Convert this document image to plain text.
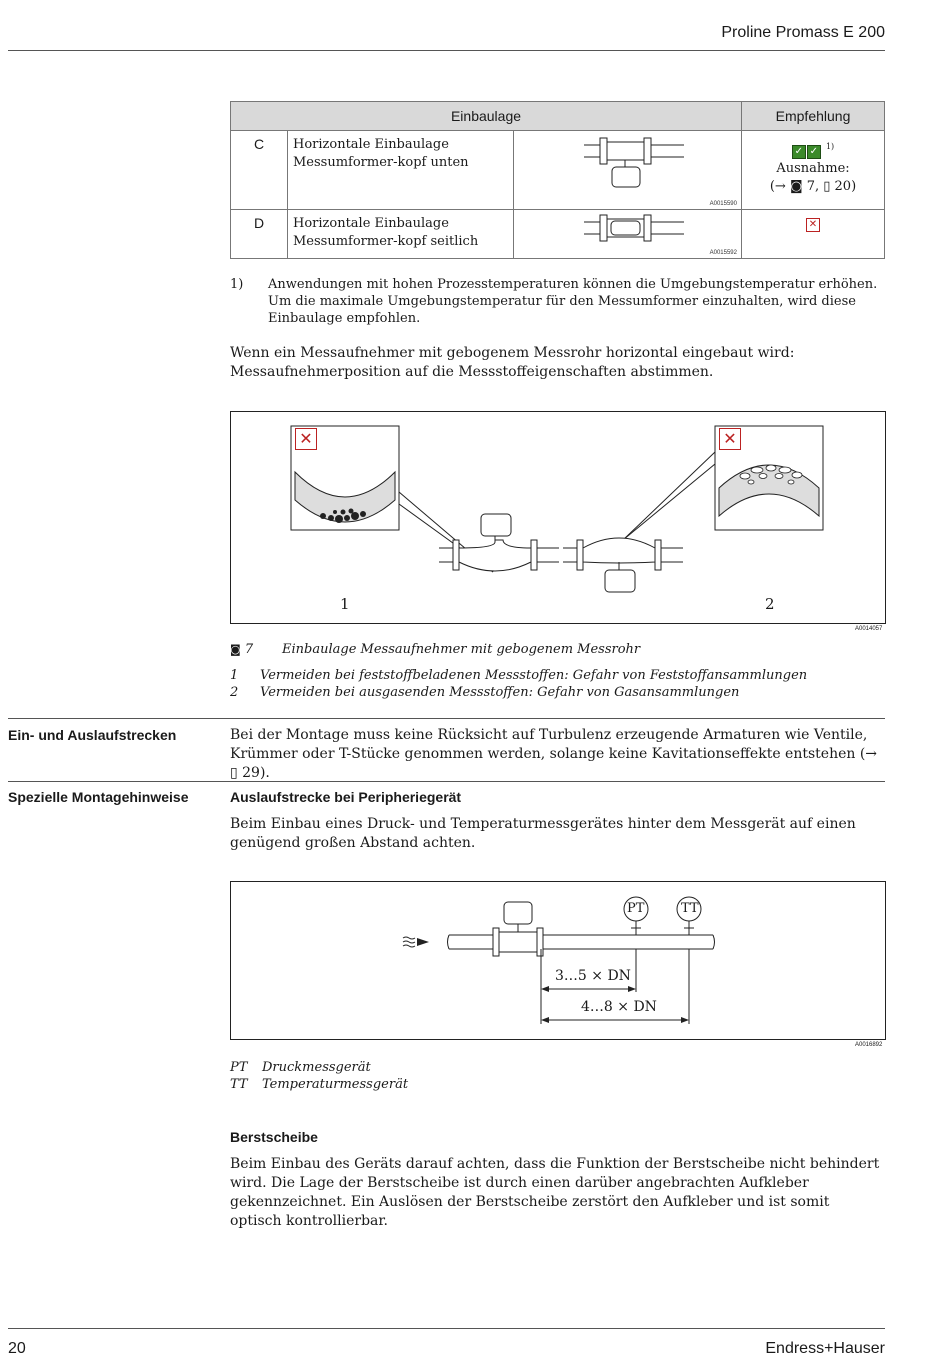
Proline Promass E 200
Einbaulage			Empfehlung
C	Horizontale Einbaulage Messumformer-kopf unten	A0015590	✓ ✓ $^{1)}$
Ausnahme:
(→ ◙ 7, ▯ 20)

D	Horizontale Einbaulage Messumformer-kopf seitlich	A0015592	✕
1) Anwendungen mit hohen Prozesstemperaturen können die Umgebungstemperatur erhöhen. Um die maximale Umgebungstemperatur für den Messumformer einzuhalten, wird diese Einbaulage empfohlen.
Wenn ein Messaufnehmer mit gebogenem Messrohr horizontal eingebaut wird: Messaufnehmerposition auf die Messstoffeigenschaften abstimmen.
✕	✕
1	2
A0014057
◙ 7 Einbaulage Messaufnehmer mit gebogenem Messrohr
1 Vermeiden bei feststoffbeladenen Messstoffen: Gefahr von Feststoffansammlungen
2 Vermeiden bei ausgasenden Messstoffen: Gefahr von Gasansammlungen
Ein- und Auslaufstrecken	Bei der Montage muss keine Rücksicht auf Turbulenz erzeugende Armaturen wie Ventile, Krümmer oder T-Stücke genommen werden, solange keine Kavitationseffekte entstehen (→ ▯ 29).
Spezielle Montagehinweise	Auslaufstrecke bei Peripheriegerät
Beim Einbau eines Druck- und Temperaturmessgerätes hinter dem Messgerät auf einen genügend großen Abstand achten.
PT	TT
3…5 × DN
4…8 × DN
A0016892
PT Druckmessgerät
TT Temperaturmessgerät
Berstscheibe
Beim Einbau des Geräts darauf achten, dass die Funktion der Berstscheibe nicht behindert wird. Die Lage der Berstscheibe ist durch einen darüber angebrachten Aufkleber gekennzeichnet. Ein Auslösen der Berstscheibe zerstört den Aufkleber und ist somit optisch kontrollierbar.
20	Endress+Hauser
